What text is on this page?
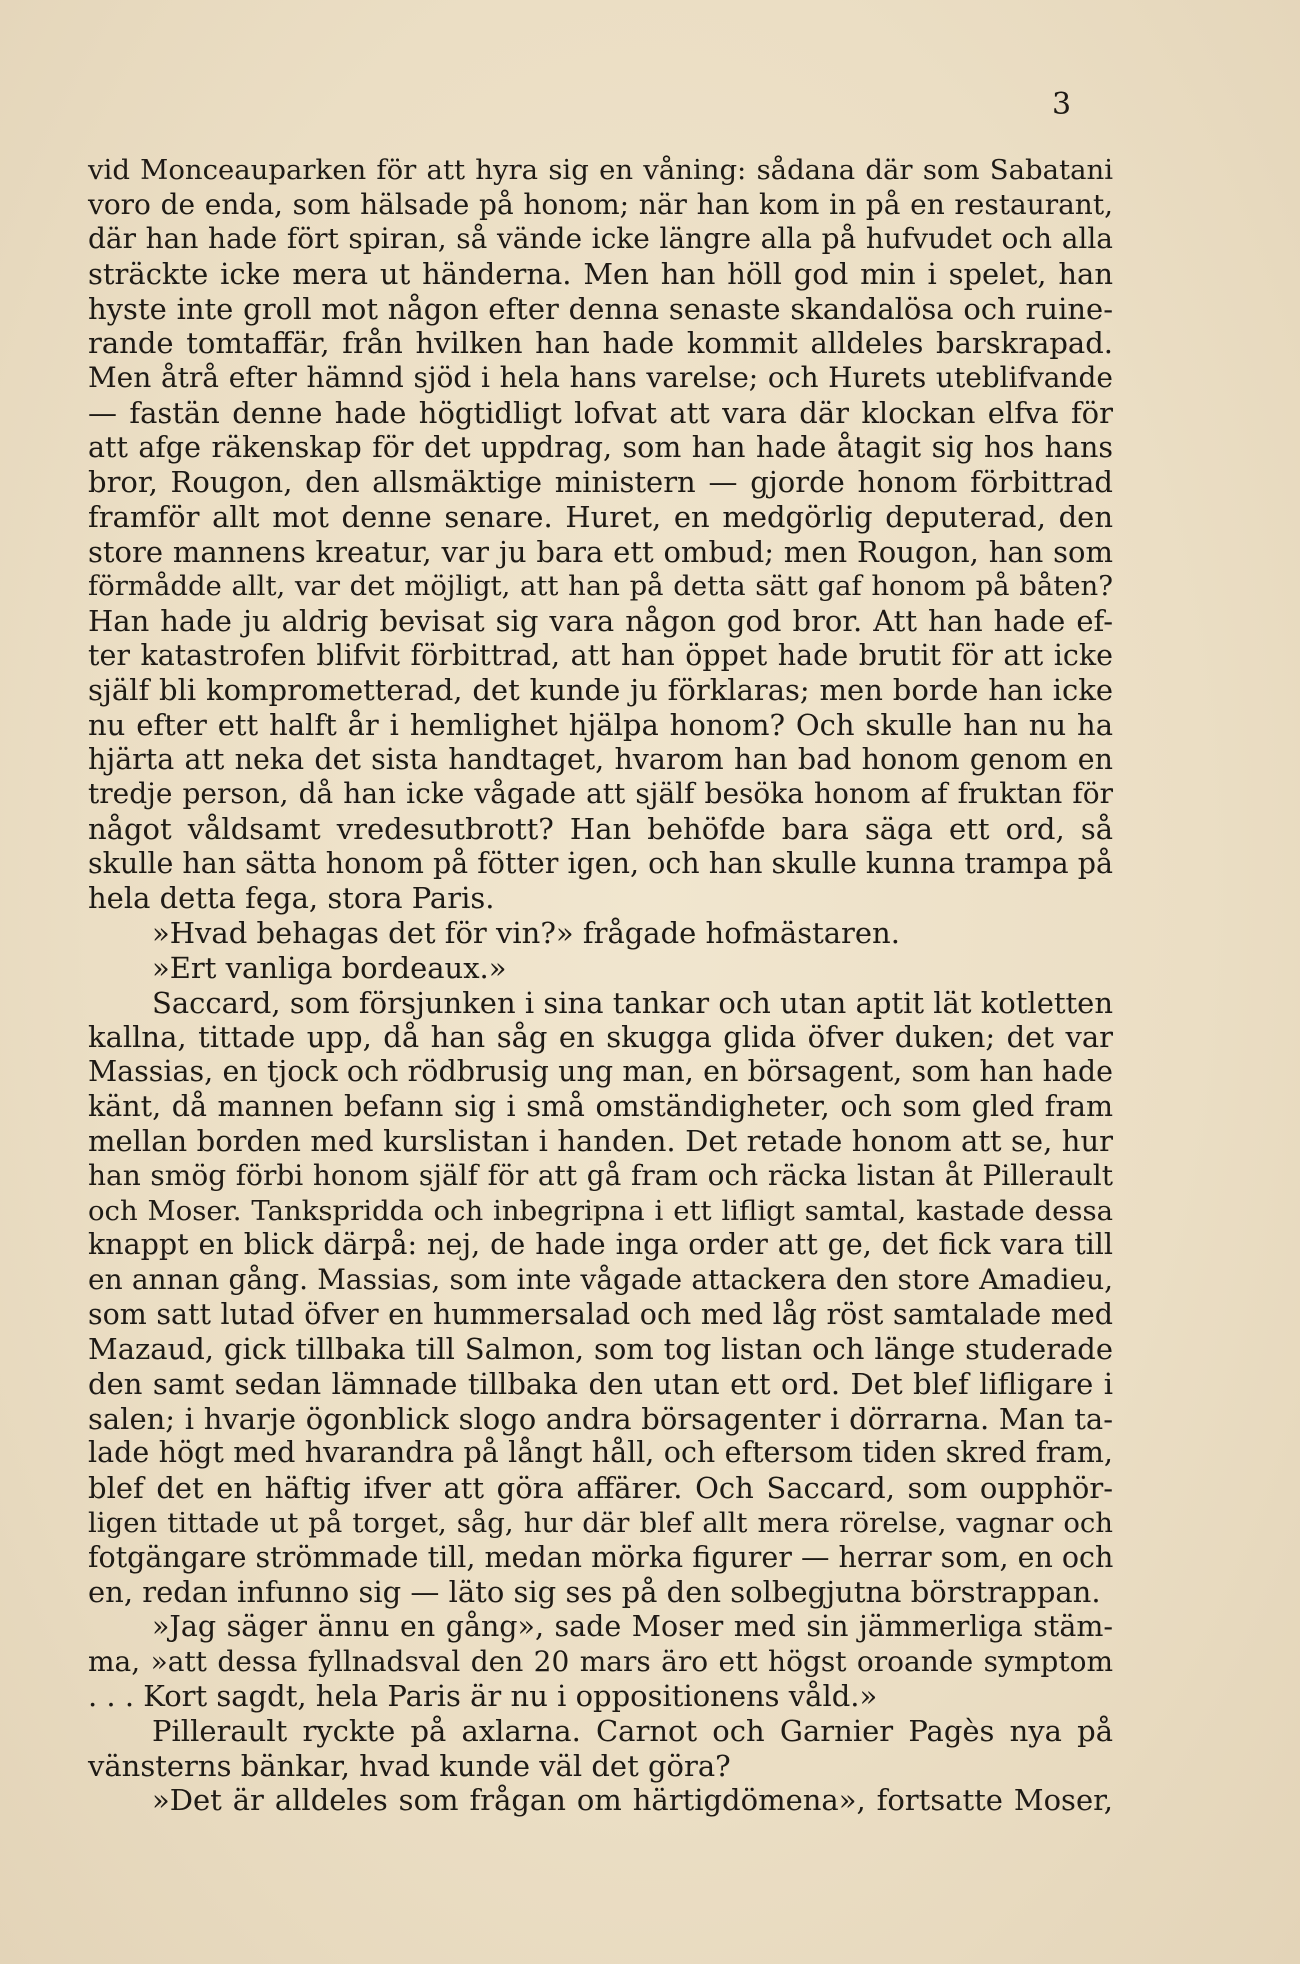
3
vid Monceauparken för att hyra sig en våning: sådana där som Sabatani
voro de enda, som hälsade på honom; när han kom in på en restaurant,
där han hade fört spiran, så vände icke längre alla på hufvudet och alla
sträckte icke mera ut händerna. Men han höll god min i spelet, han
hyste inte groll mot någon efter denna senaste skandalösa och ruine-
rande tomtaffär, från hvilken han hade kommit alldeles barskrapad.
Men åtrå efter hämnd sjöd i hela hans varelse; och Hurets uteblifvande
— fastän denne hade högtidligt lofvat att vara där klockan elfva för
att afge räkenskap för det uppdrag, som han hade åtagit sig hos hans
bror, Rougon, den allsmäktige ministern — gjorde honom förbittrad
framför allt mot denne senare. Huret, en medgörlig deputerad, den
store mannens kreatur, var ju bara ett ombud; men Rougon, han som
förmådde allt, var det möjligt, att han på detta sätt gaf honom på båten?
Han hade ju aldrig bevisat sig vara någon god bror. Att han hade ef-
ter katastrofen blifvit förbittrad, att han öppet hade brutit för att icke
själf bli komprometterad, det kunde ju förklaras; men borde han icke
nu efter ett halft år i hemlighet hjälpa honom? Och skulle han nu ha
hjärta att neka det sista handtaget, hvarom han bad honom genom en
tredje person, då han icke vågade att själf besöka honom af fruktan för
något våldsamt vredesutbrott? Han behöfde bara säga ett ord, så
skulle han sätta honom på fötter igen, och han skulle kunna trampa på
hela detta fega, stora Paris.
»Hvad behagas det för vin?» frågade hofmästaren.
»Ert vanliga bordeaux.»
Saccard, som försjunken i sina tankar och utan aptit lät kotletten
kallna, tittade upp, då han såg en skugga glida öfver duken; det var
Massias, en tjock och rödbrusig ung man, en börsagent, som han hade
känt, då mannen befann sig i små omständigheter, och som gled fram
mellan borden med kurslistan i handen. Det retade honom att se, hur
han smög förbi honom själf för att gå fram och räcka listan åt Pillerault
och Moser. Tankspridda och inbegripna i ett lifligt samtal, kastade dessa
knappt en blick därpå: nej, de hade inga order att ge, det fick vara till
en annan gång. Massias, som inte vågade attackera den store Amadieu,
som satt lutad öfver en hummersalad och med låg röst samtalade med
Mazaud, gick tillbaka till Salmon, som tog listan och länge studerade
den samt sedan lämnade tillbaka den utan ett ord. Det blef lifligare i
salen; i hvarje ögonblick slogo andra börsagenter i dörrarna. Man ta-
lade högt med hvarandra på långt håll, och eftersom tiden skred fram,
blef det en häftig ifver att göra affärer. Och Saccard, som oupphör-
ligen tittade ut på torget, såg, hur där blef allt mera rörelse, vagnar och
fotgängare strömmade till, medan mörka figurer — herrar som, en och
en, redan infunno sig — läto sig ses på den solbegjutna börstrappan.
»Jag säger ännu en gång», sade Moser med sin jämmerliga stäm-
ma, »att dessa fyllnadsval den 20 mars äro ett högst oroande symptom
. . . Kort sagdt, hela Paris är nu i oppositionens våld.»
Pillerault ryckte på axlarna. Carnot och Garnier Pagès nya på
vänsterns bänkar, hvad kunde väl det göra?
»Det är alldeles som frågan om härtigdömena», fortsatte Moser,
